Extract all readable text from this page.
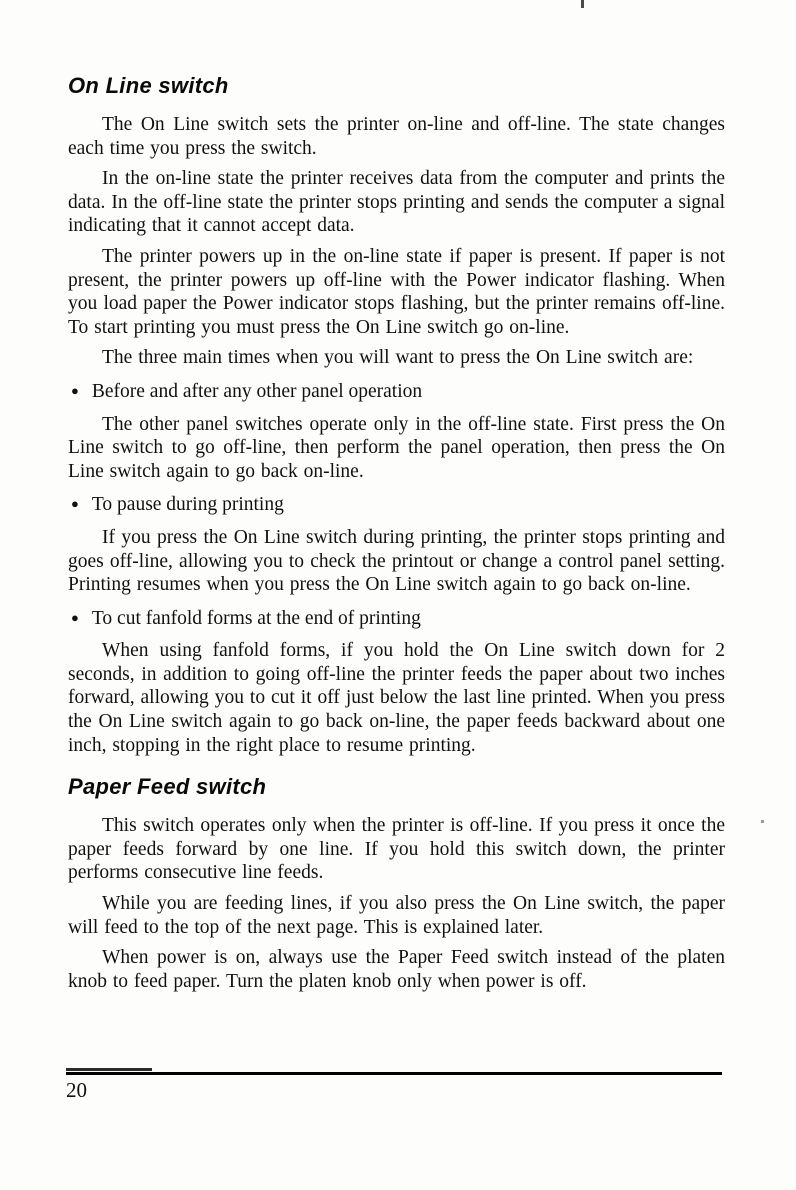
On Line switch

The On Line switch sets the printer on-line and off-line. The state changes each time you press the switch.

In the on-line state the printer receives data from the computer and prints the data. In the off-line state the printer stops printing and sends the computer a signal indicating that it cannot accept data.

The printer powers up in the on-line state if paper is present. If paper is not present, the printer powers up off-line with the Power indicator flashing. When you load paper the Power indicator stops flashing, but the printer remains off-line. To start printing you must press the On Line switch go on-line.

The three main times when you will want to press the On Line switch are:

● Before and after any other panel operation

The other panel switches operate only in the off-line state. First press the On Line switch to go off-line, then perform the panel operation, then press the On Line switch again to go back on-line.

● To pause during printing

If you press the On Line switch during printing, the printer stops printing and goes off-line, allowing you to check the printout or change a control panel setting. Printing resumes when you press the On Line switch again to go back on-line.

● To cut fanfold forms at the end of printing

When using fanfold forms, if you hold the On Line switch down for 2 seconds, in addition to going off-line the printer feeds the paper about two inches forward, allowing you to cut it off just below the last line printed. When you press the On Line switch again to go back on-line, the paper feeds backward about one inch, stopping in the right place to resume printing.

Paper Feed switch

This switch operates only when the printer is off-line. If you press it once the paper feeds forward by one line. If you hold this switch down, the printer performs consecutive line feeds.

While you are feeding lines, if you also press the On Line switch, the paper will feed to the top of the next page. This is explained later.

When power is on, always use the Paper Feed switch instead of the platen knob to feed paper. Turn the platen knob only when power is off.

20
